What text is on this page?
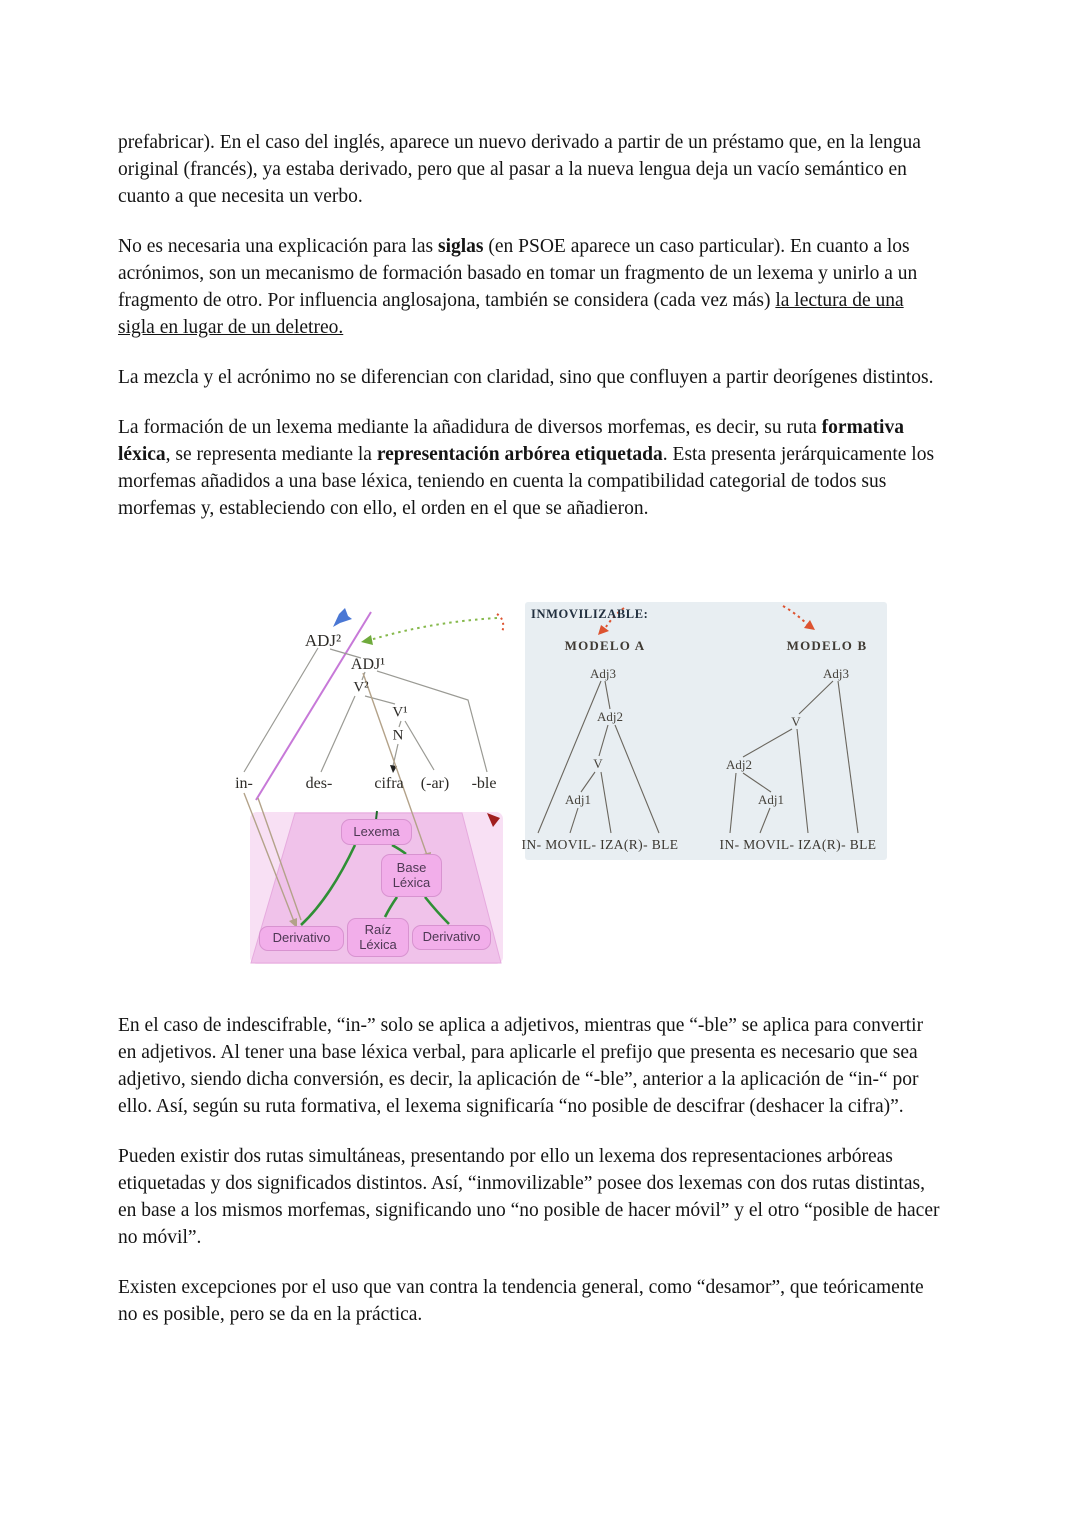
prefabricar). En el caso del inglés, aparece un nuevo derivado a partir de un préstamo que, en la lengua original (francés), ya estaba derivado, pero que al pasar a la nueva lengua deja un vacío semántico en cuanto a que necesita un verbo.

No es necesaria una explicación para las siglas (en PSOE aparece un caso particular). En cuanto a los acrónimos, son un mecanismo de formación basado en tomar un fragmento de un lexema y unirlo a un fragmento de otro. Por influencia anglosajona, también se considera (cada vez más) la lectura de una sigla en lugar de un deletreo.

La mezcla y el acrónimo no se diferencian con claridad, sino que confluyen a partir deorígenes distintos.

La formación de un lexema mediante la añadidura de diversos morfemas, es decir, su ruta formativa léxica, se representa mediante la representación arbórea etiquetada. Esta presenta jerárquicamente los morfemas añadidos a una base léxica, teniendo en cuenta la compatibilidad categorial de todos sus morfemas y, estableciendo con ello, el orden en el que se añadieron.

ADJ²
ADJ¹
V²
V¹
N
in-	des-	cifra (-ar) -ble
Lexema
Base Léxica
Derivativo
Raíz Léxica	Derivativo
INMOVILIZABLE:
MODELO A	MODELO B
Adj3
Adj2
V
Adj1
IN- MOVIL- IZA(R)- BLE
Adj3
V
Adj2
Adj1
IN- MOVIL- IZA(R)- BLE

En el caso de indescifrable, “in-” solo se aplica a adjetivos, mientras que “-ble” se aplica para convertir en adjetivos. Al tener una base léxica verbal, para aplicarle el prefijo que presenta es necesario que sea adjetivo, siendo dicha conversión, es decir, la aplicación de “-ble”, anterior a la aplicación de “in-“ por ello. Así, según su ruta formativa, el lexema significaría “no posible de descifrar (deshacer la cifra)”.

Pueden existir dos rutas simultáneas, presentando por ello un lexema dos representaciones arbóreas etiquetadas y dos significados distintos. Así, “inmovilizable” posee dos lexemas con dos rutas distintas, en base a los mismos morfemas, significando uno “no posible de hacer móvil” y el otro “posible de hacer no móvil”.

Existen excepciones por el uso que van contra la tendencia general, como “desamor”, que teóricamente no es posible, pero se da en la práctica.
